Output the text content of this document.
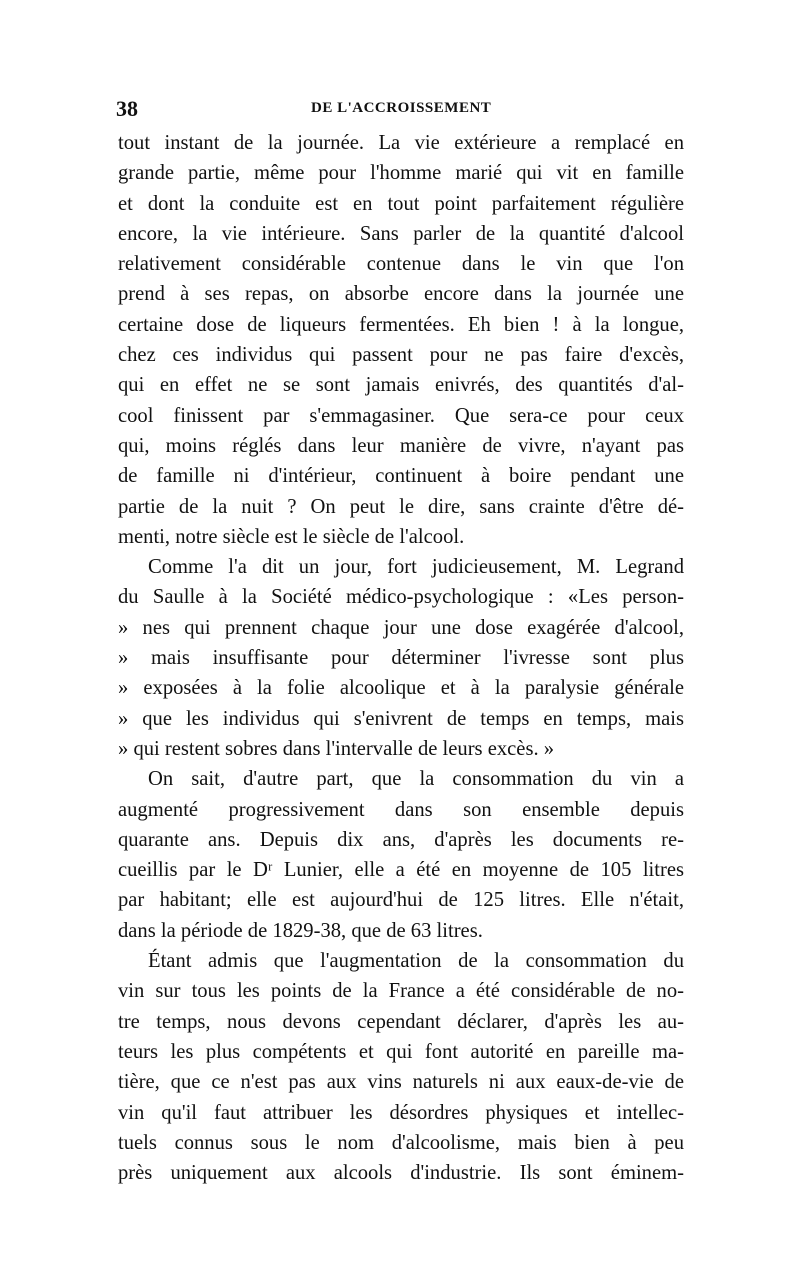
38	DE L'ACCROISSEMENT
tout instant de la journée. La vie extérieure a remplacé en
grande partie, même pour l'homme marié qui vit en famille
et dont la conduite est en tout point parfaitement régulière
encore, la vie intérieure. Sans parler de la quantité d'alcool
relativement considérable contenue dans le vin que l'on
prend à ses repas, on absorbe encore dans la journée une
certaine dose de liqueurs fermentées. Eh bien ! à la longue,
chez ces individus qui passent pour ne pas faire d'excès,
qui en effet ne se sont jamais enivrés, des quantités d'al-
cool finissent par s'emmagasiner. Que sera-ce pour ceux
qui, moins réglés dans leur manière de vivre, n'ayant pas
de famille ni d'intérieur, continuent à boire pendant une
partie de la nuit ? On peut le dire, sans crainte d'être dé-
menti, notre siècle est le siècle de l'alcool.
Comme l'a dit un jour, fort judicieusement, M. Legrand
du Saulle à la Société médico-psychologique : «Les person-
» nes qui prennent chaque jour une dose exagérée d'alcool,
» mais insuffisante pour déterminer l'ivresse sont plus
» exposées à la folie alcoolique et à la paralysie générale
» que les individus qui s'enivrent de temps en temps, mais
» qui restent sobres dans l'intervalle de leurs excès. »
On sait, d'autre part, que la consommation du vin a
augmenté progressivement dans son ensemble depuis
quarante ans. Depuis dix ans, d'après les documents re-
cueillis par le Dʳ Lunier, elle a été en moyenne de 105 litres
par habitant; elle est aujourd'hui de 125 litres. Elle n'était,
dans la période de 1829-38, que de 63 litres.
Étant admis que l'augmentation de la consommation du
vin sur tous les points de la France a été considérable de no-
tre temps, nous devons cependant déclarer, d'après les au-
teurs les plus compétents et qui font autorité en pareille ma-
tière, que ce n'est pas aux vins naturels ni aux eaux-de-vie de
vin qu'il faut attribuer les désordres physiques et intellec-
tuels connus sous le nom d'alcoolisme, mais bien à peu
près uniquement aux alcools d'industrie. Ils sont éminem-
